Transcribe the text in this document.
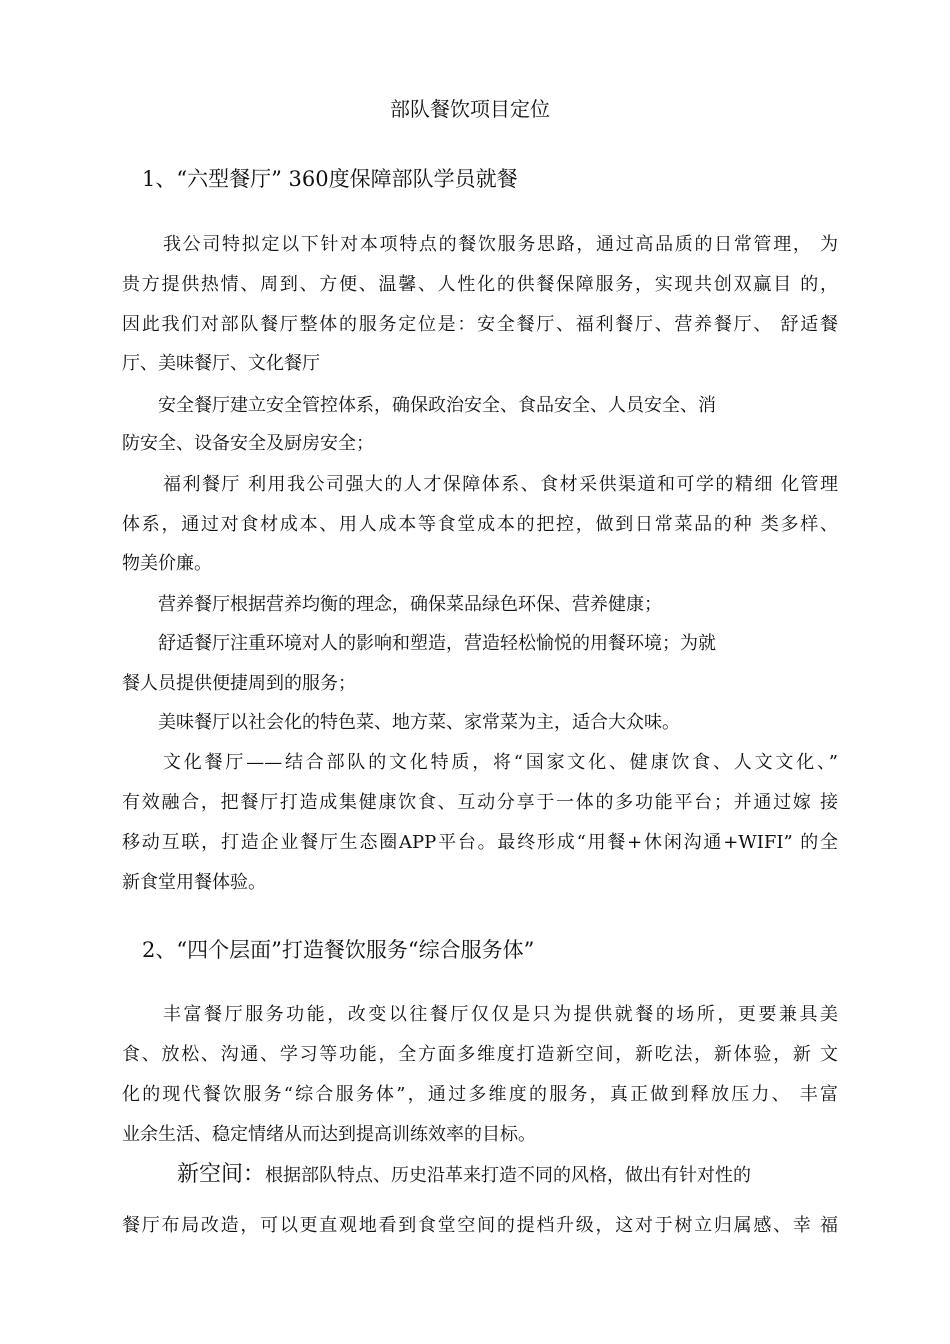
部队餐饮项目定位
1、“六型餐厅” 360度保障部队学员就餐
我公司特拟定以下针对本项特点的餐饮服务思路，通过高品质的日常管理， 为
贵方提供热情、周到、方便、温馨、人性化的供餐保障服务，实现共创双赢目 的，
因此我们对部队餐厅整体的服务定位是：安全餐厅、福利餐厅、营养餐厅、 舒适餐
厅、美味餐厅、文化餐厅
安全餐厅建立安全管控体系，确保政治安全、食品安全、人员安全、消
防安全、设备安全及厨房安全；
福利餐厅 利用我公司强大的人才保障体系、食材采供渠道和可学的精细 化管理
体系，通过对食材成本、用人成本等食堂成本的把控，做到日常菜品的种 类多样、
物美价廉。
营养餐厅根据营养均衡的理念，确保菜品绿色环保、营养健康；
舒适餐厅注重环境对人的影响和塑造，营造轻松愉悦的用餐环境；为就
餐人员提供便捷周到的服务；
美味餐厅以社会化的特色菜、地方菜、家常菜为主，适合大众味。
文化餐厅——结合部队的文化特质，将“国家文化、健康饮食、人文文化、”
有效融合，把餐厅打造成集健康饮食、互动分享于一体的多功能平台；并通过嫁 接
移动互联，打造企业餐厅生态圈APP平台。最终形成“用餐+休闲沟通+WIFI” 的全
新食堂用餐体验。
2、“四个层面”打造餐饮服务“综合服务体”
丰富餐厅服务功能，改变以往餐厅仅仅是只为提供就餐的场所，更要兼具美
食、放松、沟通、学习等功能，全方面多维度打造新空间，新吃法，新体验，新 文
化的现代餐饮服务“综合服务体”，通过多维度的服务，真正做到释放压力、 丰富
业余生活、稳定情绪从而达到提高训练效率的目标。
新空间：根据部队特点、历史沿革来打造不同的风格，做出有针对性的
餐厅布局改造，可以更直观地看到食堂空间的提档升级，这对于树立归属感、幸 福
